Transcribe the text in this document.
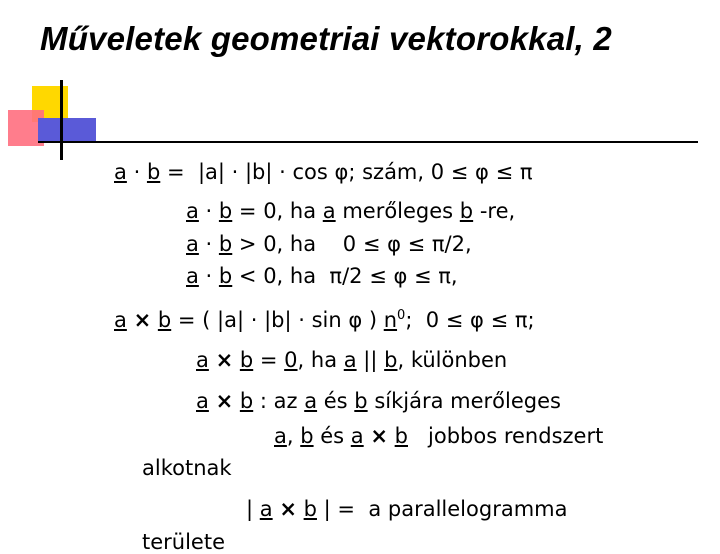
Műveletek geometriai vektorokkal, 2
a · b = |a| · |b| · cos φ; szám, 0 ≤ φ ≤ π
a · b = 0, ha a merőleges b -re,
a · b > 0, ha    0 ≤ φ ≤ π/2,
a · b < 0, ha  π/2 ≤ φ ≤ π,
a × b = ( |a| · |b| · sin φ ) $n^0$;  0 ≤ φ ≤ π;
a × b = 0, ha a || b, különben
a × b : az a és b síkjára merőleges
a, b és a × b   jobbos rendszert
alkotnak
| a × b | =  a parallelogramma
területe
